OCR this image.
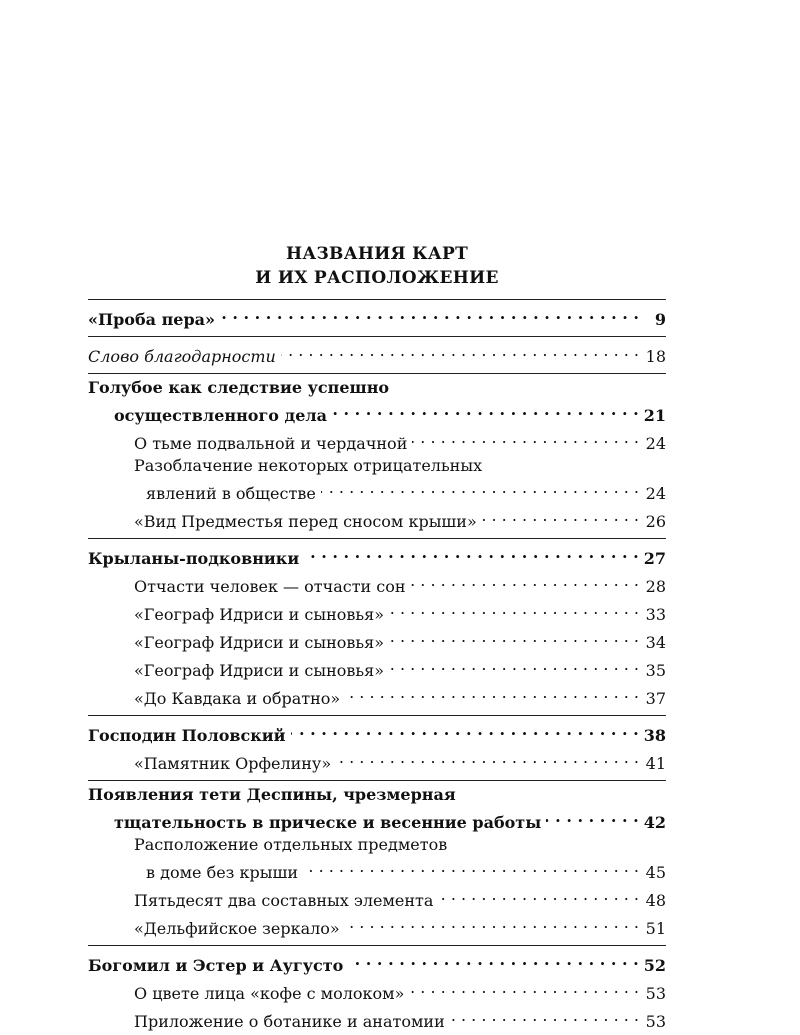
НАЗВАНИЯ КАРТ
И ИХ РАСПОЛОЖЕНИЕ
«Проба пера» . . .	9
Слово благодарности . . .	18
Голубое как следствие успешно
осуществленного дела . . .	21
О тьме подвальной и чердачной . . .	24
Разоблачение некоторых отрицательных
явлений в обществе . . .	24
«Вид Предместья перед сносом крыши» . . .	26
Крыланы-подковники . . .	27
Отчасти человек — отчасти сон . . .	28
«Географ Идриси и сыновья» . . .	33
«Географ Идриси и сыновья» . . .	34
«Географ Идриси и сыновья» . . .	35
«До Кавдака и обратно» . . .	37
Господин Половский . . .	38
«Памятник Орфелину» . . .	41
Появления тети Деспины, чрезмерная
тщательность в прическе и весенние работы . . .	42
Расположение отдельных предметов
в доме без крыши . . .	45
Пятьдесят два составных элемента . . .	48
«Дельфийское зеркало» . . .	51
Богомил и Эстер и Аугусто . . .	52
О цвете лица «кофе с молоком» . . .	53
Приложение о ботанике и анатомии . . .	53
